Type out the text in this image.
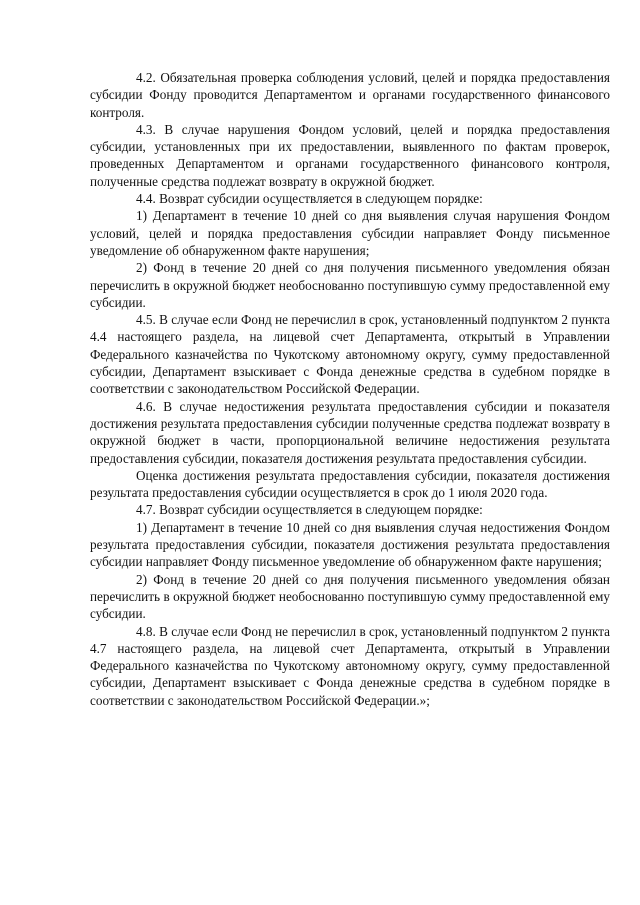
4.2. Обязательная проверка соблюдения условий, целей и порядка предоставления субсидии Фонду проводится Департаментом и органами государственного финансового контроля.

4.3. В случае нарушения Фондом условий, целей и порядка предоставления субсидии, установленных при их предоставлении, выявленного по фактам проверок, проведенных Департаментом и органами государственного финансового контроля, полученные средства подлежат возврату в окружной бюджет.

4.4. Возврат субсидии осуществляется в следующем порядке:

1) Департамент в течение 10 дней со дня выявления случая нарушения Фондом условий, целей и порядка предоставления субсидии направляет Фонду письменное уведомление об обнаруженном факте нарушения;

2) Фонд в течение 20 дней со дня получения письменного уведомления обязан перечислить в окружной бюджет необоснованно поступившую сумму предоставленной ему субсидии.

4.5. В случае если Фонд не перечислил в срок, установленный подпунктом 2 пункта 4.4 настоящего раздела, на лицевой счет Департамента, открытый в Управлении Федерального казначейства по Чукотскому автономному округу, сумму предоставленной субсидии, Департамент взыскивает с Фонда денежные средства в судебном порядке в соответствии с законодательством Российской Федерации.

4.6. В случае недостижения результата предоставления субсидии и показателя достижения результата предоставления субсидии полученные средства подлежат возврату в окружной бюджет в части, пропорциональной величине недостижения результата предоставления субсидии, показателя достижения результата предоставления субсидии.

Оценка достижения результата предоставления субсидии, показателя достижения результата предоставления субсидии осуществляется в срок до 1 июля 2020 года.

4.7. Возврат субсидии осуществляется в следующем порядке:

1) Департамент в течение 10 дней со дня выявления случая недостижения Фондом результата предоставления субсидии, показателя достижения результата предоставления субсидии направляет Фонду письменное уведомление об обнаруженном факте нарушения;

2) Фонд в течение 20 дней со дня получения письменного уведомления обязан перечислить в окружной бюджет необоснованно поступившую сумму предоставленной ему субсидии.

4.8. В случае если Фонд не перечислил в срок, установленный подпунктом 2 пункта 4.7 настоящего раздела, на лицевой счет Департамента, открытый в Управлении Федерального казначейства по Чукотскому автономному округу, сумму предоставленной субсидии, Департамент взыскивает с Фонда денежные средства в судебном порядке в соответствии с законодательством Российской Федерации.»;
